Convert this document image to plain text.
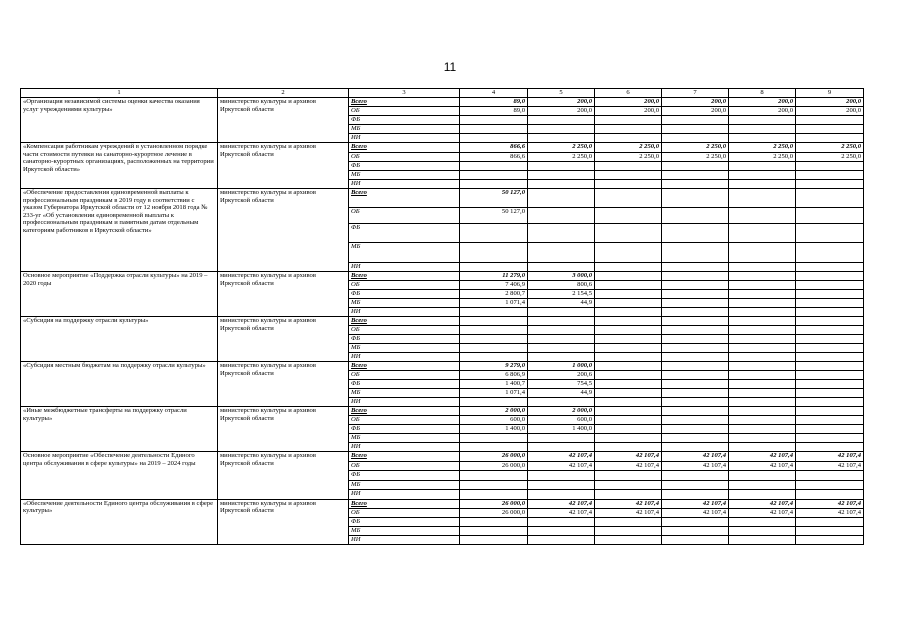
11
1	2	3	4	5	6	7	8	9
«Организация независимой системы оценки качества оказания услуг учреждениями культуры»	министерство культуры и архивов Иркутской области	Всего	89,0	200,0	200,0	200,0	200,0	200,0
		ОБ	89,0	200,0	200,0	200,0	200,0	200,0
		ФБ						
		МБ						
		ИИ						
«Компенсация работникам учреждений в установленном порядке части стоимости путевки на санаторно-курортное лечение в санаторно-курортных организациях, расположенных на территории Иркутской области»	министерство культуры и архивов Иркутской области	Всего	866,6	2 250,0	2 250,0	2 250,0	2 250,0	2 250,0
		ОБ	866,6	2 250,0	2 250,0	2 250,0	2 250,0	2 250,0
		ФБ						
		МБ						
		ИИ						
«Обеспечение предоставления единовременной выплаты к профессиональным праздникам в 2019 году в соответствии с указом Губернатора Иркутской области от 12 ноября 2018 года № 233-уг «Об установлении единовременной выплаты к профессиональным праздникам и памятным датам отдельным категориям работников в Иркутской области»	министерство культуры и архивов Иркутской области	Всего	50 127,0					
		ОБ	50 127,0					
		ФБ						
		МБ						
		ИИ						
Основное мероприятие «Поддержка отрасли культуры» на 2019 – 2020 годы	министерство культуры и архивов Иркутской области	Всего	11 279,0	3 000,0				
		ОБ	7 406,9	800,6				
		ФБ	2 800,7	2 154,5				
		МБ	1 071,4	44,9				
		ИИ						
«Субсидия на поддержку отрасли культуры»	министерство культуры и архивов Иркутской области	Всего						
		ОБ						
		ФБ						
		МБ						
		ИИ						
«Субсидия местным бюджетам на поддержку отрасли культуры»	министерство культуры и архивов Иркутской области	Всего	9 279,0	1 000,0				
		ОБ	6 806,9	200,6				
		ФБ	1 400,7	754,5				
		МБ	1 071,4	44,9				
		ИИ						
«Иные межбюджетные трансферты на поддержку отрасли культуры»	министерство культуры и архивов Иркутской области	Всего	2 000,0	2 000,0				
		ОБ	600,0	600,0				
		ФБ	1 400,0	1 400,0				
		МБ						
		ИИ						
Основное мероприятие «Обеспечение деятельности Единого центра обслуживания в сфере культуры» на 2019 – 2024 годы	министерство культуры и архивов Иркутской области	Всего	26 000,0	42 107,4	42 107,4	42 107,4	42 107,4	42 107,4
		ОБ	26 000,0	42 107,4	42 107,4	42 107,4	42 107,4	42 107,4
		ФБ						
		МБ						
		ИИ						
«Обеспечение деятельности Единого центра обслуживания в сфере культуры»	министерство культуры и архивов Иркутской области	Всего	26 000,0	42 107,4	42 107,4	42 107,4	42 107,4	42 107,4
		ОБ	26 000,0	42 107,4	42 107,4	42 107,4	42 107,4	42 107,4
		ФБ						
		МБ						
		ИИ						
